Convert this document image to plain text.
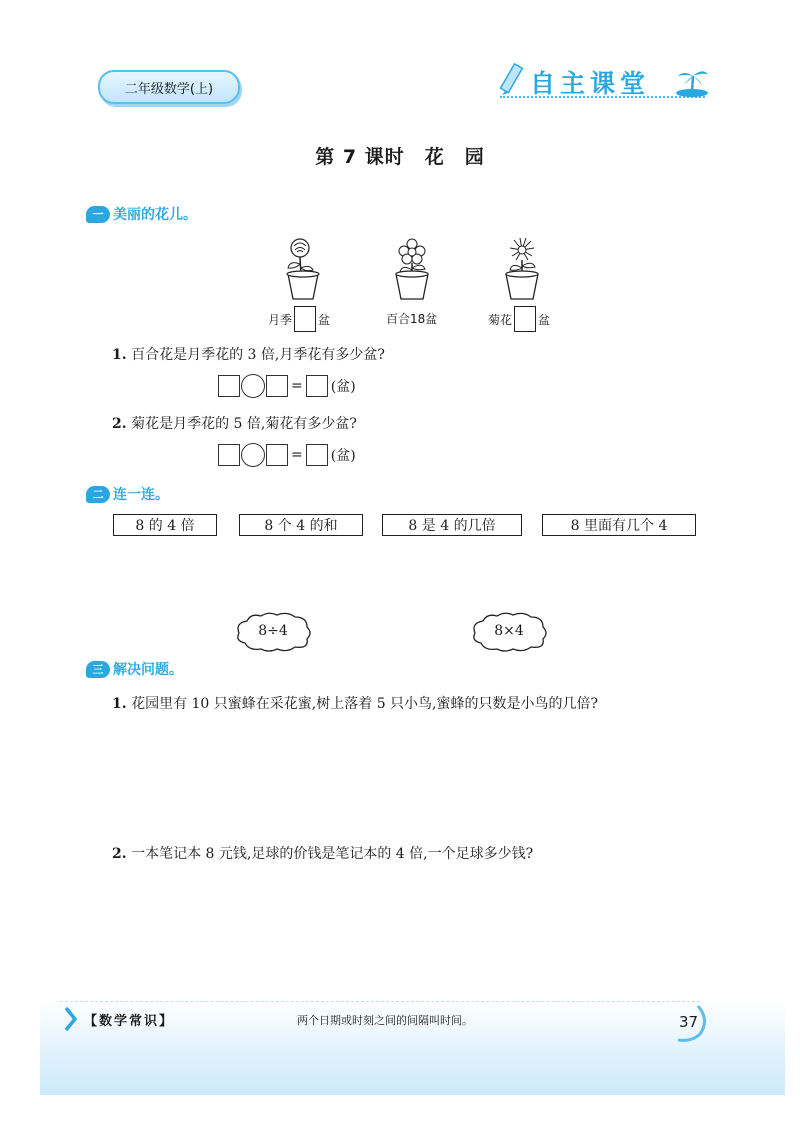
二年级数学(上)	自主课堂
第 7 课时　花　园
一 美丽的花儿。
月季 盆	百合18盆	菊花 盆
1. 百合花是月季花的 3 倍,月季花有多少盆?
= (盆)
2. 菊花是月季花的 5 倍,菊花有多少盆?
= (盆)
二 连一连。
8 的 4 倍	8 个 4 的和	8 是 4 的几倍	8 里面有几个 4
8÷4	8×4
三 解决问题。
1. 花园里有 10 只蜜蜂在采花蜜,树上落着 5 只小鸟,蜜蜂的只数是小鸟的几倍?
2. 一本笔记本 8 元钱,足球的价钱是笔记本的 4 倍,一个足球多少钱?
【数学常识】	两个日期或时刻之间的间隔叫时间。	37
